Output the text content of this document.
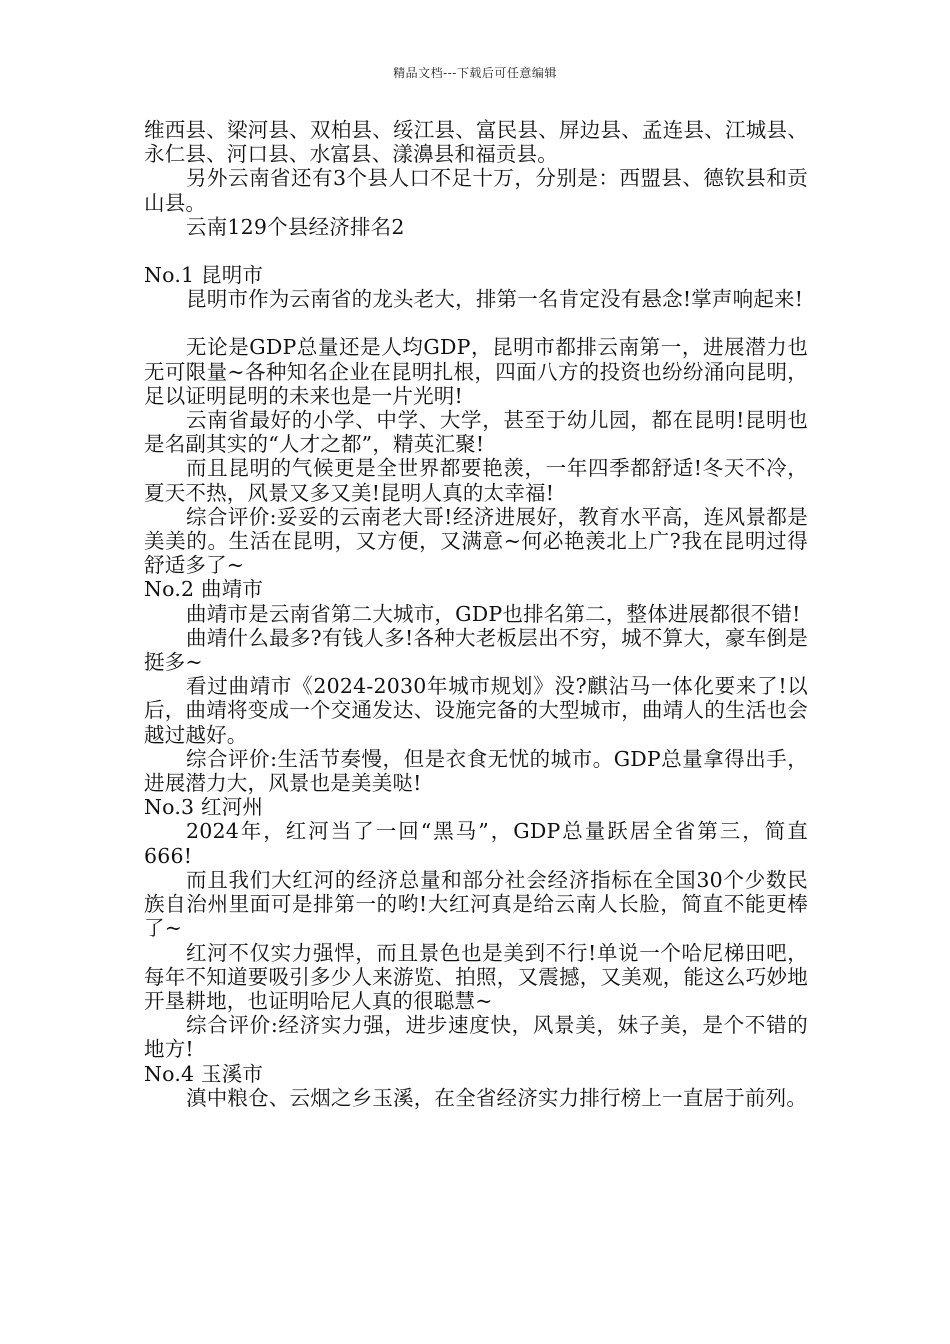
精品文档---下载后可任意编辑

维西县、梁河县、双柏县、绥江县、富民县、屏边县、孟连县、江城县、永仁县、河口县、水富县、漾濞县和福贡县。

另外云南省还有3个县人口不足十万，分别是：西盟县、德钦县和贡山县。

云南129个县经济排名2

No.1 昆明市

昆明市作为云南省的龙头老大，排第一名肯定没有悬念!掌声响起来!

无论是GDP总量还是人均GDP，昆明市都排云南第一，进展潜力也无可限量~各种知名企业在昆明扎根，四面八方的投资也纷纷涌向昆明，足以证明昆明的未来也是一片光明!

云南省最好的小学、中学、大学，甚至于幼儿园，都在昆明!昆明也是名副其实的“人才之都”，精英汇聚!

而且昆明的气候更是全世界都要艳羡，一年四季都舒适!冬天不冷，夏天不热，风景又多又美!昆明人真的太幸福!

综合评价:妥妥的云南老大哥!经济进展好，教育水平高，连风景都是美美的。生活在昆明，又方便，又满意~何必艳羡北上广?我在昆明过得舒适多了~

No.2 曲靖市

曲靖市是云南省第二大城市，GDP也排名第二，整体进展都很不错!

曲靖什么最多?有钱人多!各种大老板层出不穷，城不算大，豪车倒是挺多~

看过曲靖市《2024-2030年城市规划》没?麒沾马一体化要来了!以后，曲靖将变成一个交通发达、设施完备的大型城市，曲靖人的生活也会越过越好。

综合评价:生活节奏慢，但是衣食无忧的城市。GDP总量拿得出手，进展潜力大，风景也是美美哒!

No.3 红河州

2024年，红河当了一回“黑马”，GDP总量跃居全省第三，简直666!

而且我们大红河的经济总量和部分社会经济指标在全国30个少数民族自治州里面可是排第一的哟!大红河真是给云南人长脸，简直不能更棒了~

红河不仅实力强悍，而且景色也是美到不行!单说一个哈尼梯田吧，每年不知道要吸引多少人来游览、拍照，又震撼，又美观，能这么巧妙地开垦耕地，也证明哈尼人真的很聪慧~

综合评价:经济实力强，进步速度快，风景美，妹子美，是个不错的地方!

No.4 玉溪市

滇中粮仓、云烟之乡玉溪，在全省经济实力排行榜上一直居于前列。
